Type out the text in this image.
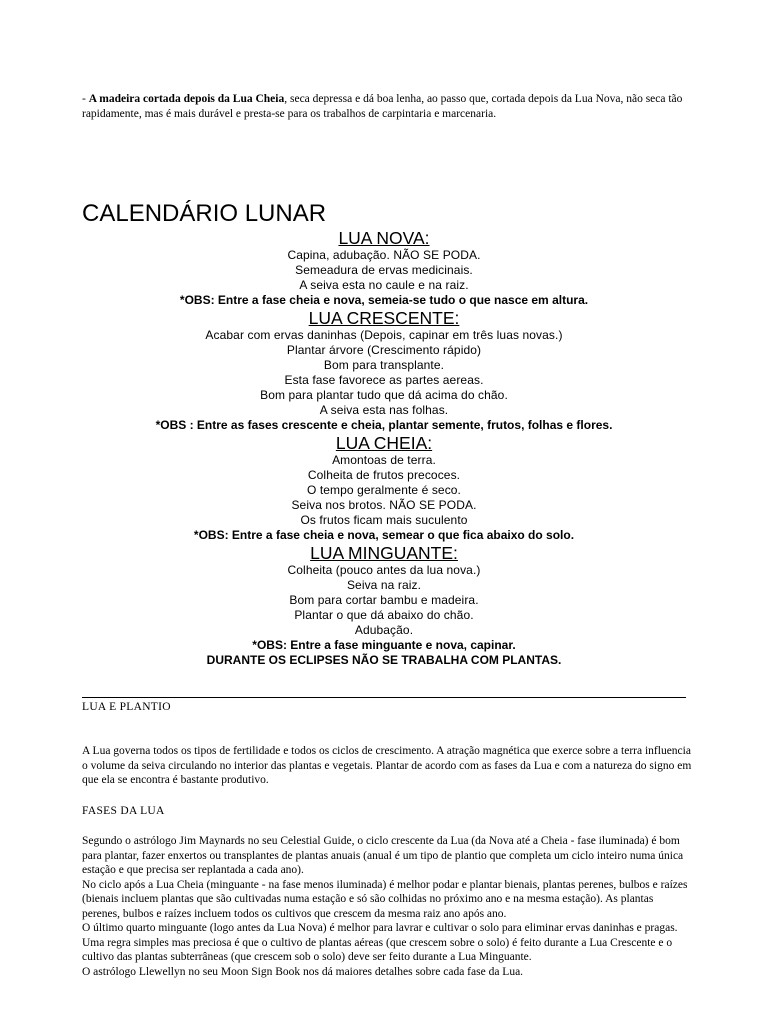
- A madeira cortada depois da Lua Cheia, seca depressa e dá boa lenha, ao passo que, cortada depois da Lua Nova, não seca tão rapidamente, mas é mais durável e presta-se para os trabalhos de carpintaria e marcenaria.
CALENDÁRIO LUNAR
LUA NOVA:
Capina, adubação. NÃO SE PODA.
Semeadura de ervas medicinais.
A seiva esta no caule e na raiz.
*OBS: Entre a fase cheia e nova, semeia-se tudo o que nasce em altura.
LUA CRESCENTE:
Acabar com ervas daninhas (Depois, capinar em três luas novas.)
Plantar árvore (Crescimento rápido)
Bom para transplante.
Esta fase favorece as partes aereas.
Bom para plantar tudo que dá acima do chão.
A seiva esta nas folhas.
*OBS : Entre as fases crescente e cheia, plantar semente, frutos, folhas e flores.
LUA CHEIA:
Amontoas de terra.
Colheita de frutos precoces.
O tempo geralmente é seco.
Seiva nos brotos. NÃO SE PODA.
Os frutos ficam mais suculento
*OBS: Entre a fase cheia e nova, semear o que fica abaixo do solo.
LUA MINGUANTE:
Colheita (pouco antes da lua nova.)
Seiva na raiz.
Bom para cortar bambu e madeira.
Plantar o que dá abaixo do chão.
Adubação.
*OBS: Entre a fase minguante e nova, capinar.
DURANTE OS ECLIPSES NÃO SE TRABALHA COM PLANTAS.
LUA E PLANTIO

A Lua governa todos os tipos de fertilidade e todos os ciclos de crescimento. A atração magnética que exerce sobre a terra influencia o volume da seiva circulando no interior das plantas e vegetais. Plantar de acordo com as fases da Lua e com a natureza do signo em que ela se encontra é bastante produtivo.

FASES DA LUA

Segundo o astrólogo Jim Maynards no seu Celestial Guide, o ciclo crescente da Lua (da Nova até a Cheia - fase iluminada) é bom para plantar, fazer enxertos ou transplantes de plantas anuais (anual é um tipo de plantio que completa um ciclo inteiro numa única estação e que precisa ser replantada a cada ano).

No ciclo após a Lua Cheia (minguante - na fase menos iluminada) é melhor podar e plantar bienais, plantas perenes, bulbos e raízes (bienais incluem plantas que são cultivadas numa estação e só são colhidas no próximo ano e na mesma estação). As plantas perenes, bulbos e raízes incluem todos os cultivos que crescem da mesma raiz ano após ano.

O último quarto minguante (logo antes da Lua Nova) é melhor para lavrar e cultivar o solo para eliminar ervas daninhas e pragas.

Uma regra simples mas preciosa é que o cultivo de plantas aéreas (que crescem sobre o solo) é feito durante a Lua Crescente e o cultivo das plantas subterrâneas (que crescem sob o solo) deve ser feito durante a Lua Minguante.

O astrólogo Llewellyn no seu Moon Sign Book nos dá maiores detalhes sobre cada fase da Lua.
